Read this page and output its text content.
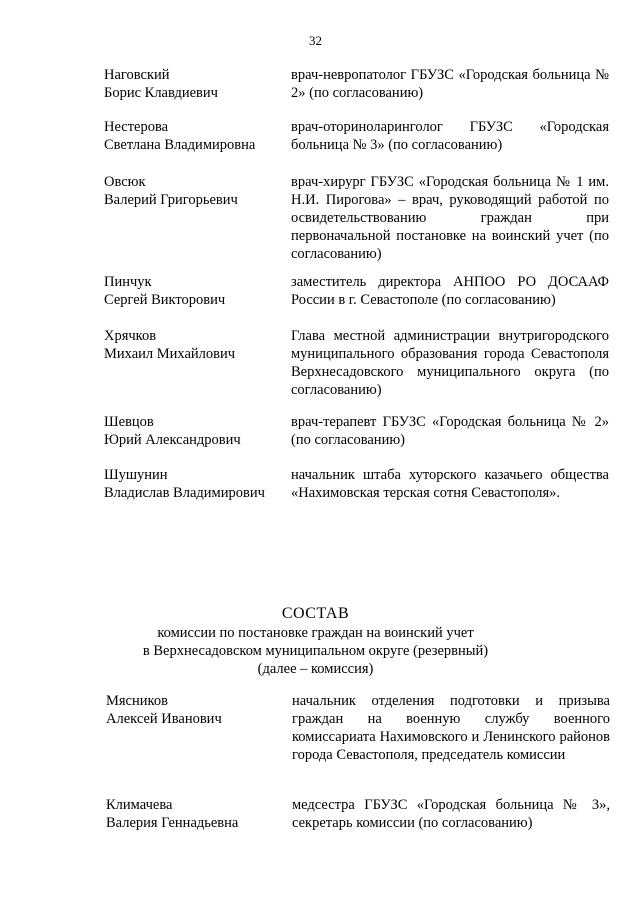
32
Наговский
Борис Клавдиевич
врач-невропатолог ГБУЗС «Городская больница № 2» (по согласованию)
Нестерова
Светлана Владимировна
врач-оториноларинголог ГБУЗС «Городская больница № 3» (по согласованию)
Овсюк
Валерий Григорьевич
врач-хирург ГБУЗС «Городская больница № 1 им. Н.И. Пирогова» – врач, руководящий работой по освидетельствованию граждан при первоначальной постановке на воинский учет (по согласованию)
Пинчук
Сергей Викторович
заместитель директора АНПОО РО ДОСААФ России в г. Севастополе (по согласованию)
Хрячков
Михаил Михайлович
Глава местной администрации внутригородского муниципального образования города Севастополя Верхнесадовского муниципального округа (по согласованию)
Шевцов
Юрий Александрович
врач-терапевт ГБУЗС «Городская больница № 2» (по согласованию)
Шушунин
Владислав Владимирович
начальник штаба хуторского казачьего общества «Нахимовская терская сотня Севастополя».
СОСТАВ
комиссии по постановке граждан на воинский учет
в Верхнесадовском муниципальном округе (резервный)
(далее – комиссия)
Мясников
Алексей Иванович
начальник отделения подготовки и призыва граждан на военную службу военного комиссариата Нахимовского и Ленинского районов города Севастополя, председатель комиссии
Климачева
Валерия Геннадьевна
медсестра ГБУЗС «Городская больница № 3», секретарь комиссии (по согласованию)
